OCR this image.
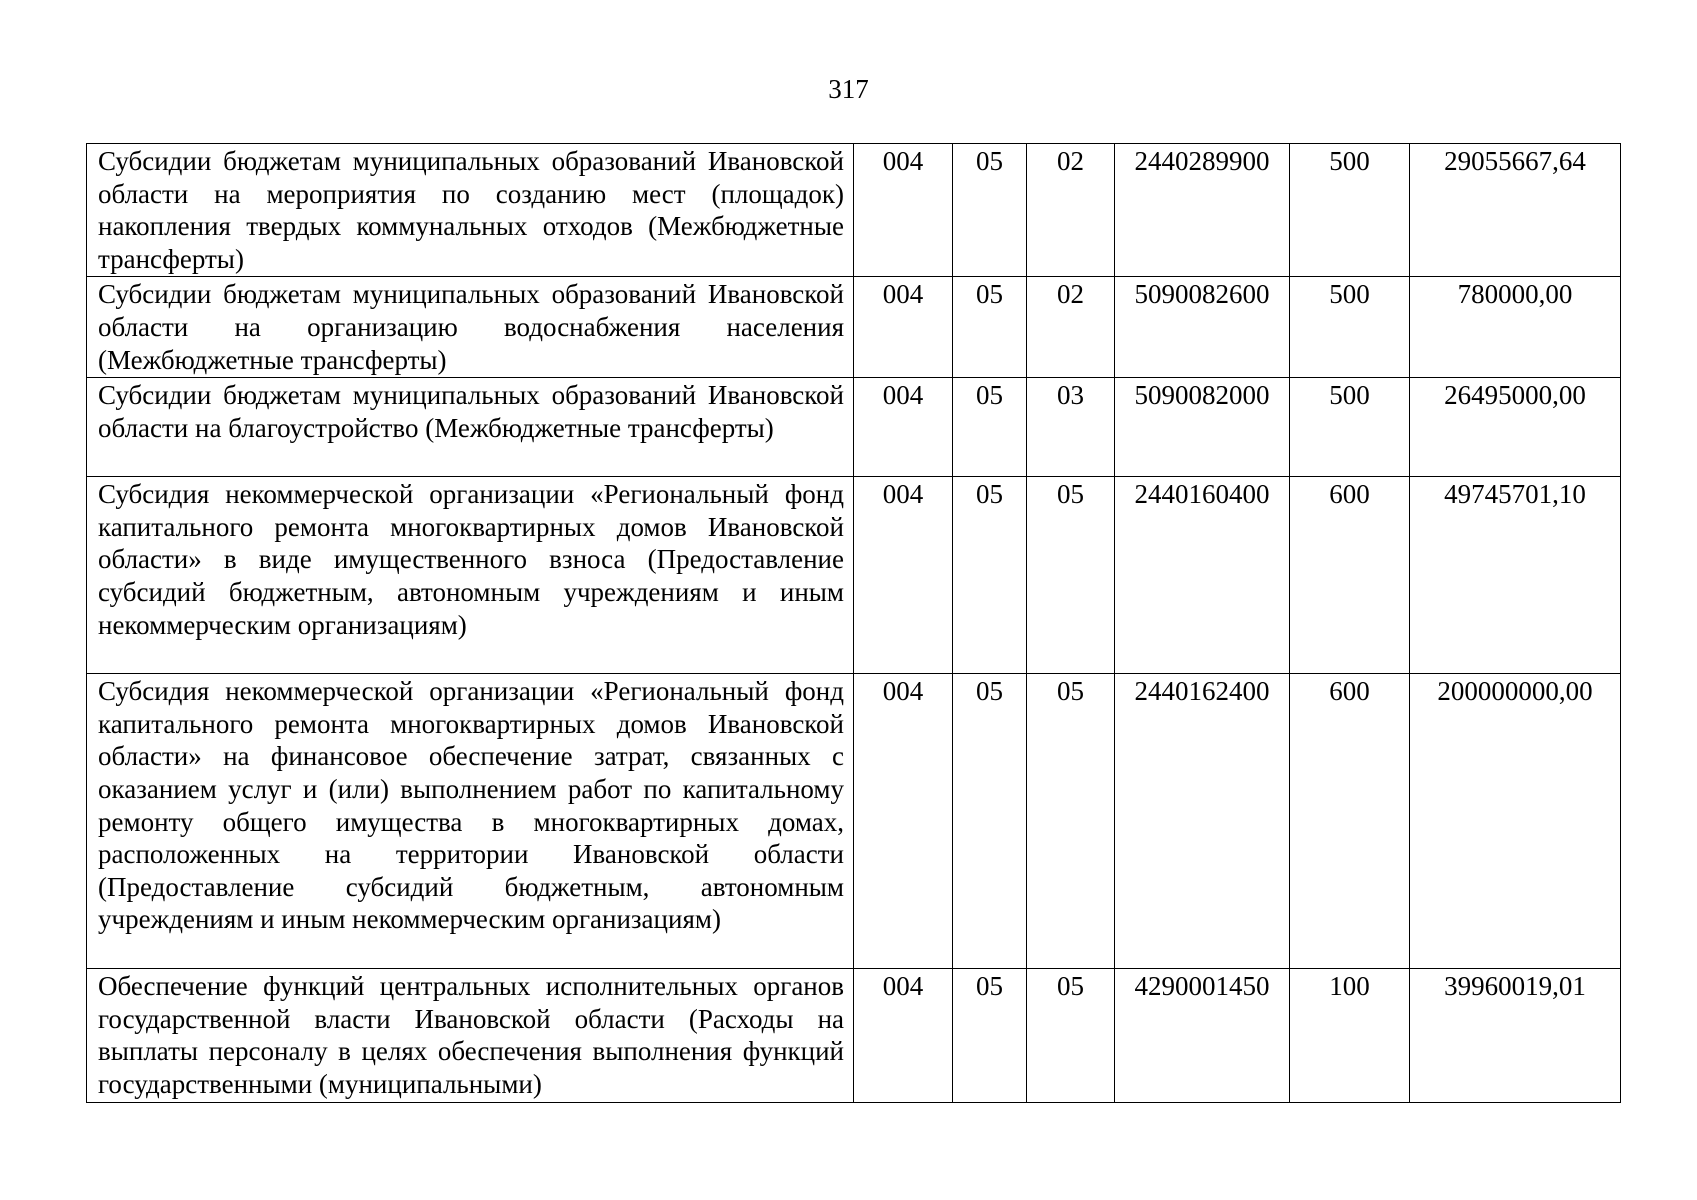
317
Субсидии бюджетам муниципальных образований Ивановской области на мероприятия по созданию мест (площадок) накопления твердых коммунальных отходов (Межбюджетные трансферты)	004	05	02	2440289900	500	29055667,64
Субсидии бюджетам муниципальных образований Ивановской области на организацию водоснабжения населения (Межбюджетные трансферты)	004	05	02	5090082600	500	780000,00
Субсидии бюджетам муниципальных образований Ивановской области на благоустройство (Межбюджетные трансферты)	004	05	03	5090082000	500	26495000,00
Субсидия некоммерческой организации «Региональный фонд капитального ремонта многоквартирных домов Ивановской области» в виде имущественного взноса (Предоставление субсидий бюджетным, автономным учреждениям и иным некоммерческим организациям)	004	05	05	2440160400	600	49745701,10
Субсидия некоммерческой организации «Региональный фонд капитального ремонта многоквартирных домов Ивановской области» на финансовое обеспечение затрат, связанных с оказанием услуг и (или) выполнением работ по капитальному ремонту общего имущества в многоквартирных домах, расположенных на территории Ивановской области (Предоставление субсидий бюджетным, автономным учреждениям и иным некоммерческим организациям)	004	05	05	2440162400	600	200000000,00
Обеспечение функций центральных исполнительных органов государственной власти Ивановской области (Расходы на выплаты персоналу в целях обеспечения выполнения функций государственными (муниципальными)	004	05	05	4290001450	100	39960019,01
